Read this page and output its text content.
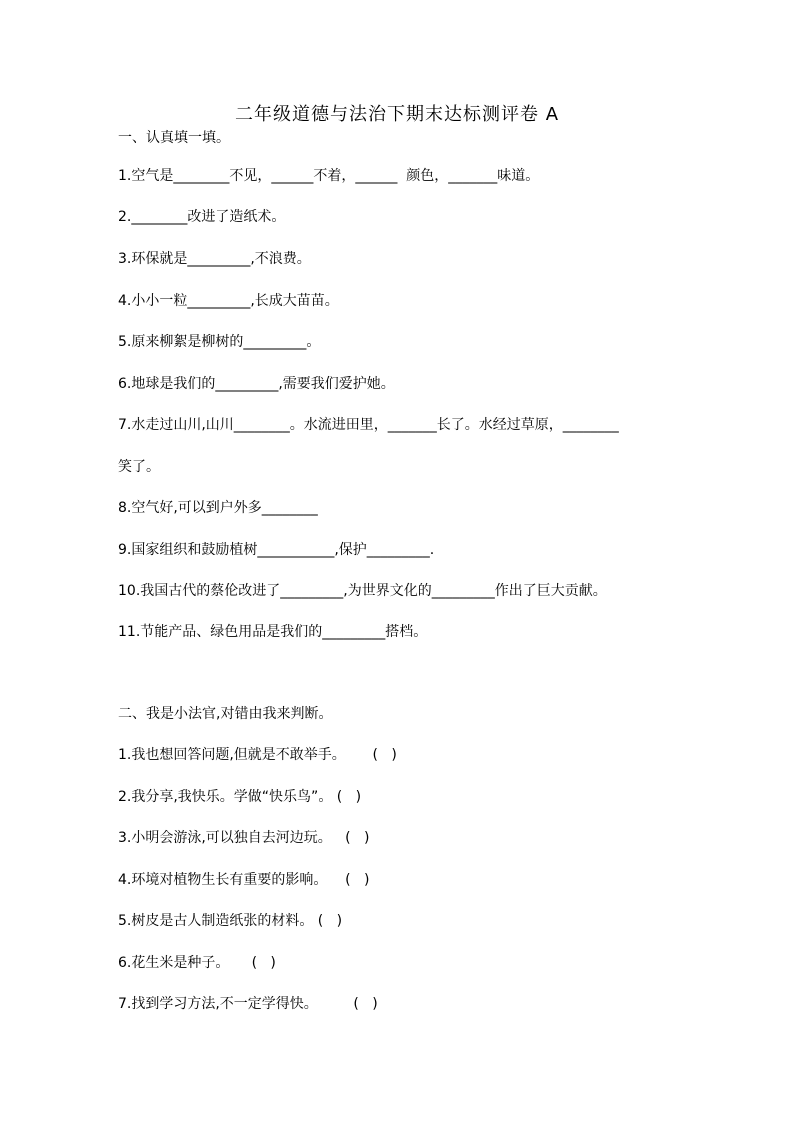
二年级道德与法治下期末达标测评卷 A
一、认真填一填。
1.空气是________不见，______不着，______  颜色，_______味道。
2.________改进了造纸术。
3.环保就是_________,不浪费。
4.小小一粒_________,长成大苗苗。
5.原来柳絮是柳树的_________。
6.地球是我们的_________,需要我们爱护她。
7.水走过山川,山川________。水流进田里，_______长了。水经过草原，________
笑了。
8.空气好,可以到户外多________
9.国家组织和鼓励植树___________,保护_________.
10.我国古代的蔡伦改进了_________,为世界文化的_________作出了巨大贡献。
11.节能产品、绿色用品是我们的_________搭档。
二、我是小法官,对错由我来判断。
1.我也想回答问题,但就是不敢举手。      (   )
2.我分享,我快乐。学做“快乐鸟”。 (   )
3.小明会游泳,可以独自去河边玩。   (   )
4.环境对植物生长有重要的影响。    (   )
5.树皮是古人制造纸张的材料。 (   )
6.花生米是种子。     (   )
7.找到学习方法,不一定学得快。        (   )
